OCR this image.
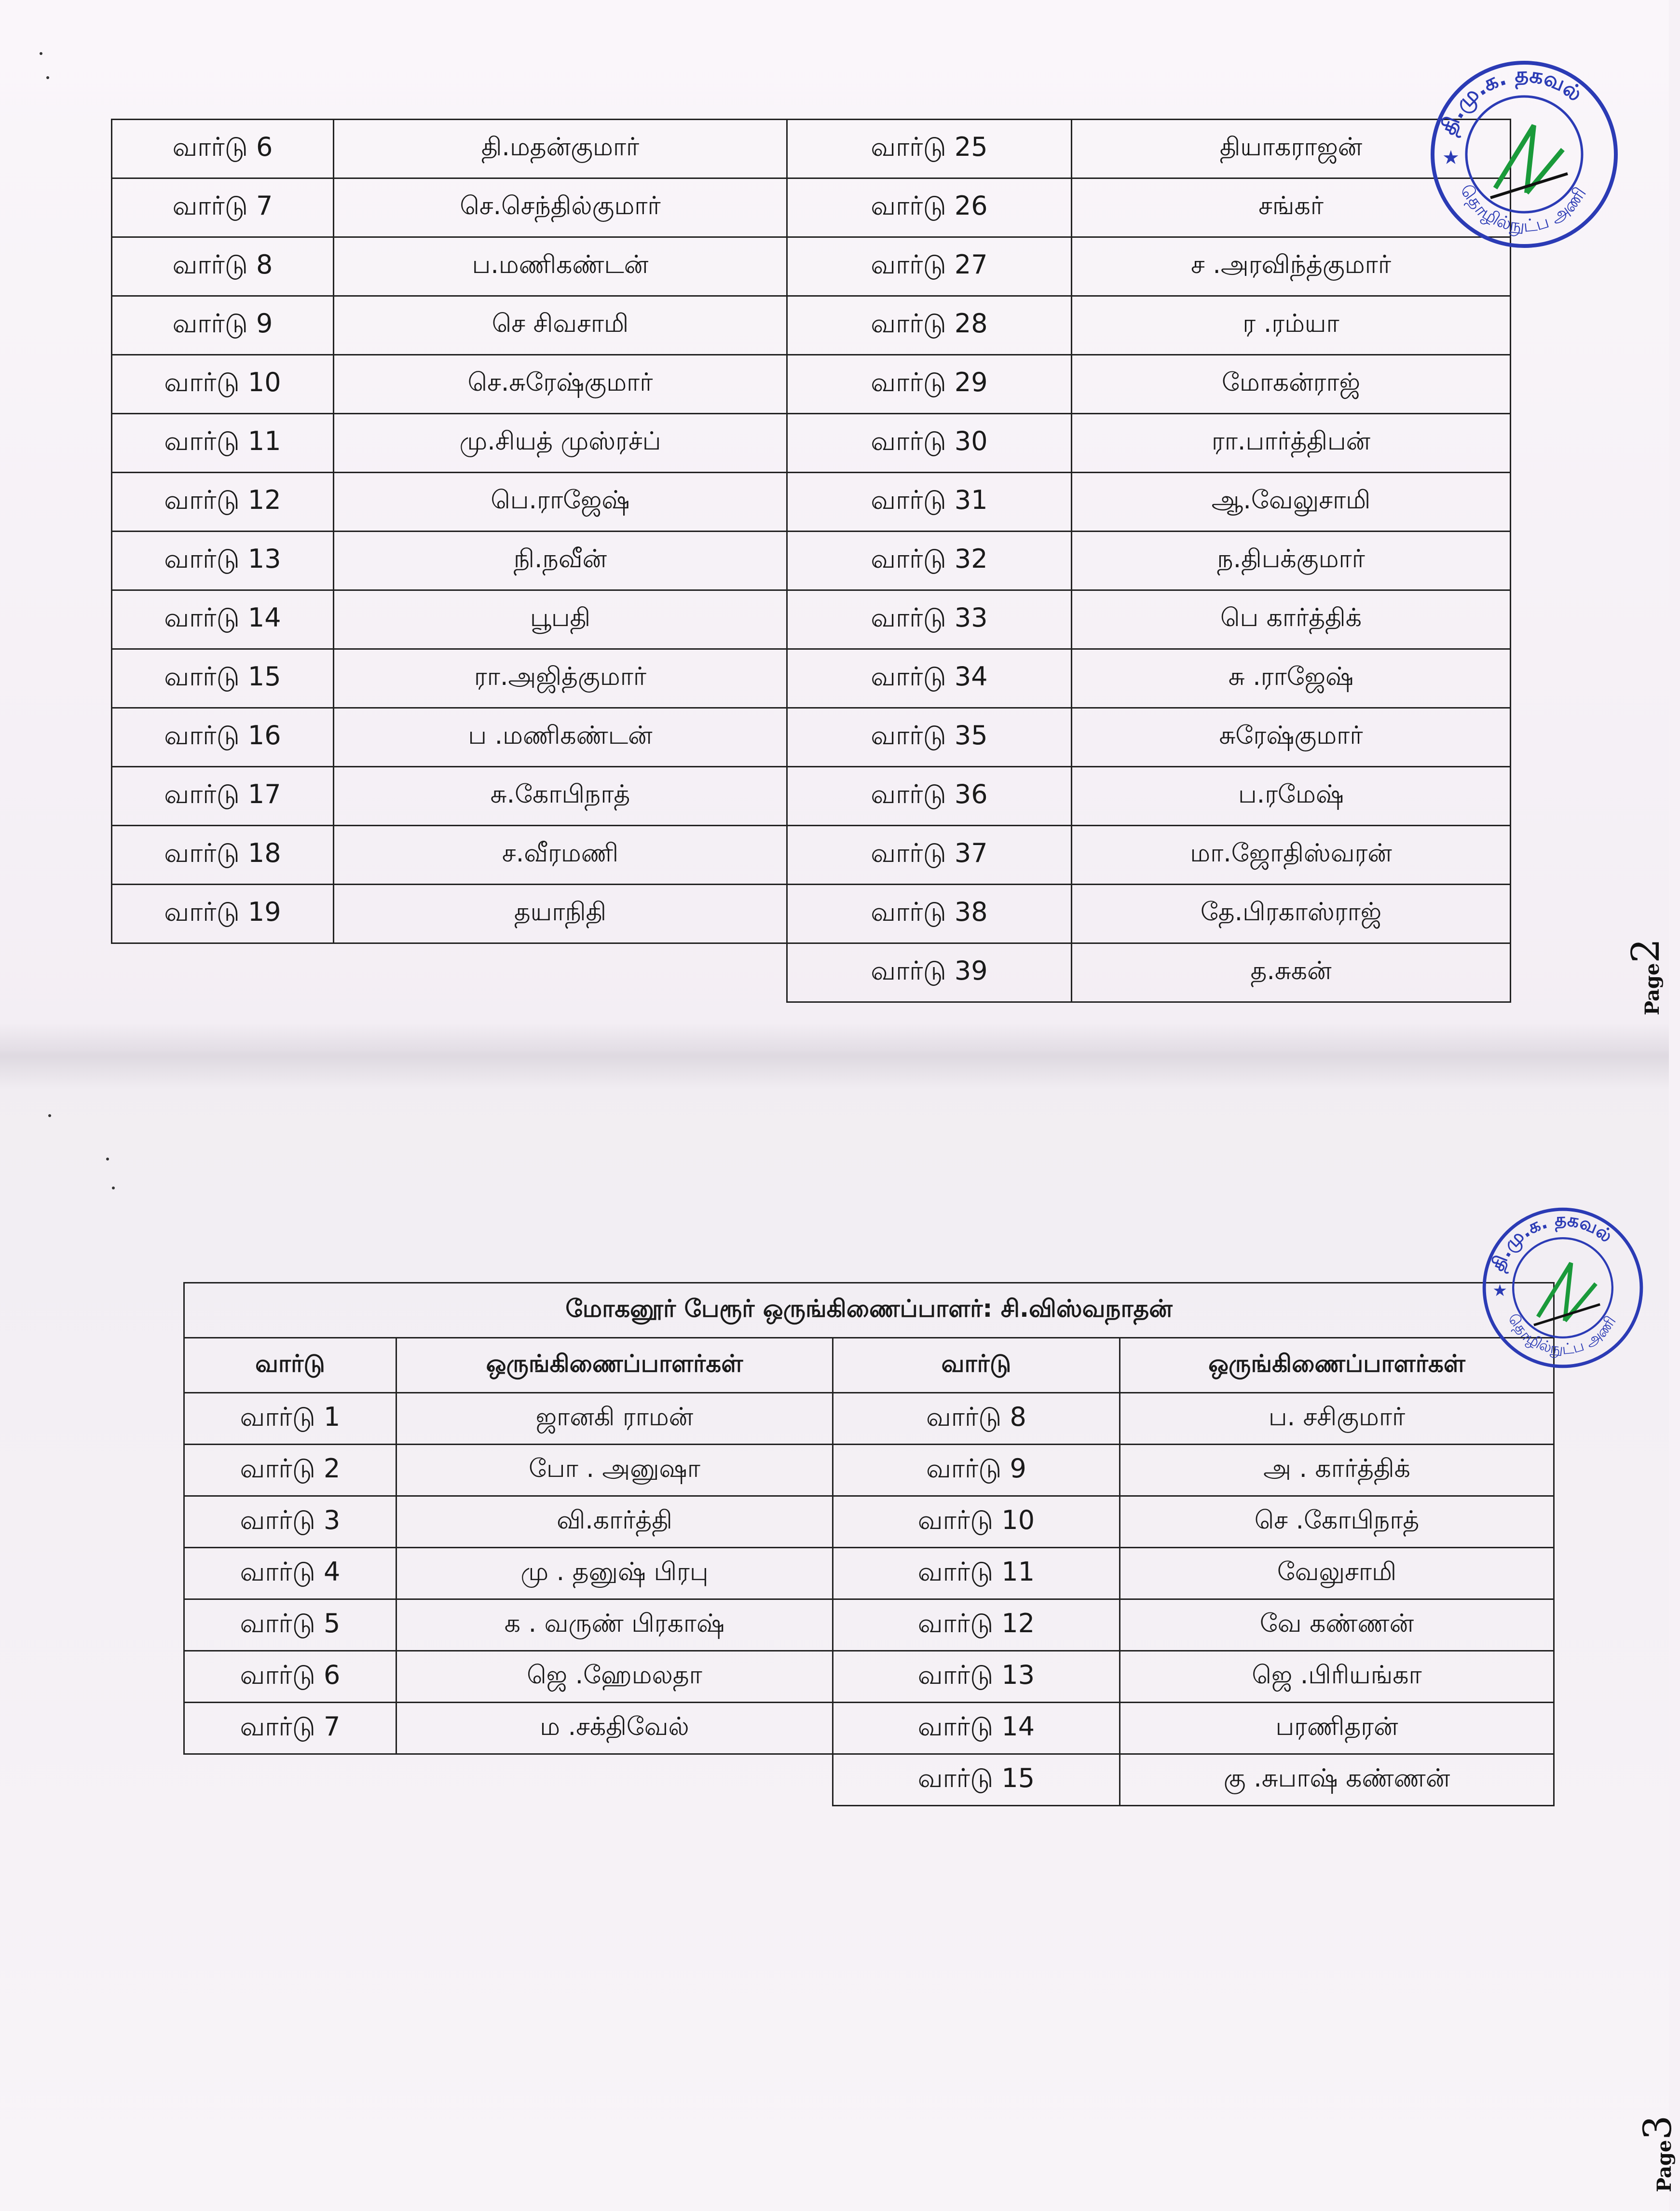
வார்டு 6	தி.மதன்குமார்	வார்டு 25	தியாகராஜன்
வார்டு 7	செ.செந்தில்குமார்	வார்டு 26	சங்கர்
வார்டு 8	ப.மணிகண்டன்	வார்டு 27	ச .அரவிந்த்குமார்
வார்டு 9	செ சிவசாமி	வார்டு 28	ர .ரம்யா
வார்டு 10	செ.சுரேஷ்குமார்	வார்டு 29	மோகன்ராஜ்
வார்டு 11	மு.சியத் முஸ்ரச்ப்	வார்டு 30	ரா.பார்த்திபன்
வார்டு 12	பெ.ராஜேஷ்	வார்டு 31	ஆ.வேலுசாமி
வார்டு 13	நி.நவீன்	வார்டு 32	ந.திபக்குமார்
வார்டு 14	பூபதி	வார்டு 33	பெ கார்த்திக்
வார்டு 15	ரா.அஜித்குமார்	வார்டு 34	சு .ராஜேஷ்
வார்டு 16	ப .மணிகண்டன்	வார்டு 35	சுரேஷ்குமார்
வார்டு 17	சு.கோபிநாத்	வார்டு 36	ப.ரமேஷ்
வார்டு 18	ச.வீரமணி	வார்டு 37	மா.ஜோதிஸ்வரன்
வார்டு 19	தயாநிதி	வார்டு 38	தே.பிரகாஸ்ராஜ்
		வார்டு 39	த.சுகன்
மோகனூர் பேரூர் ஒருங்கிணைப்பாளர்: சி.விஸ்வநாதன்			
வார்டு	ஒருங்கிணைப்பாளர்கள்	வார்டு	ஒருங்கிணைப்பாளர்கள்
வார்டு 1	ஜானகி ராமன்	வார்டு 8	ப. சசிகுமார்
வார்டு 2	போ . அனுஷா	வார்டு 9	அ . கார்த்திக்
வார்டு 3	வி.கார்த்தி	வார்டு 10	செ .கோபிநாத்
வார்டு 4	மு . தனுஷ் பிரபு	வார்டு 11	வேலுசாமி
வார்டு 5	க . வருண் பிரகாஷ்	வார்டு 12	வே கண்ணன்
வார்டு 6	ஜெ .ஹேமலதா	வார்டு 13	ஜெ .பிரியங்கா
வார்டு 7	ம .சக்திவேல்	வார்டு 14	பரணிதரன்
		வார்டு 15	கு .சுபாஷ் கண்ணன்
தி.மு.க. தகவல்
தொழில்நுட்ப அணி
★
தி.மு.க. தகவல்
தொழில்நுட்ப அணி
★
Page2
Page3
